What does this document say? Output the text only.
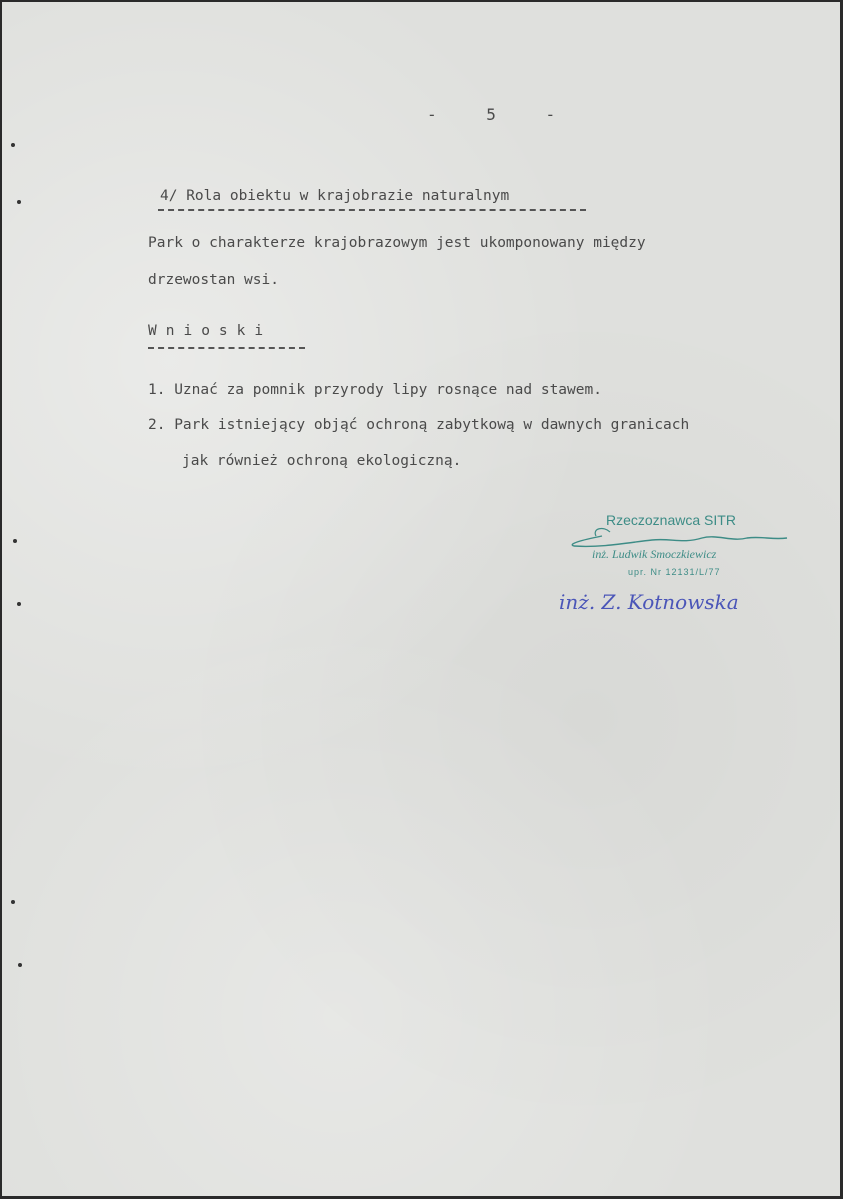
- 5 -
4/ Rola obiektu w krajobrazie naturalnym
Park o charakterze krajobrazowym jest ukomponowany między
drzewostan wsi.
Wnioski
1. Uznać za pomnik przyrody lipy rosnące nad stawem.
2. Park istniejący objąć ochroną zabytkową w dawnych granicach
jak również ochroną ekologiczną.
Rzeczoznawca SITR
inż. Ludwik Smoczkiewicz
upr. Nr 12131/L/77
inż. Z. Kotnowska
